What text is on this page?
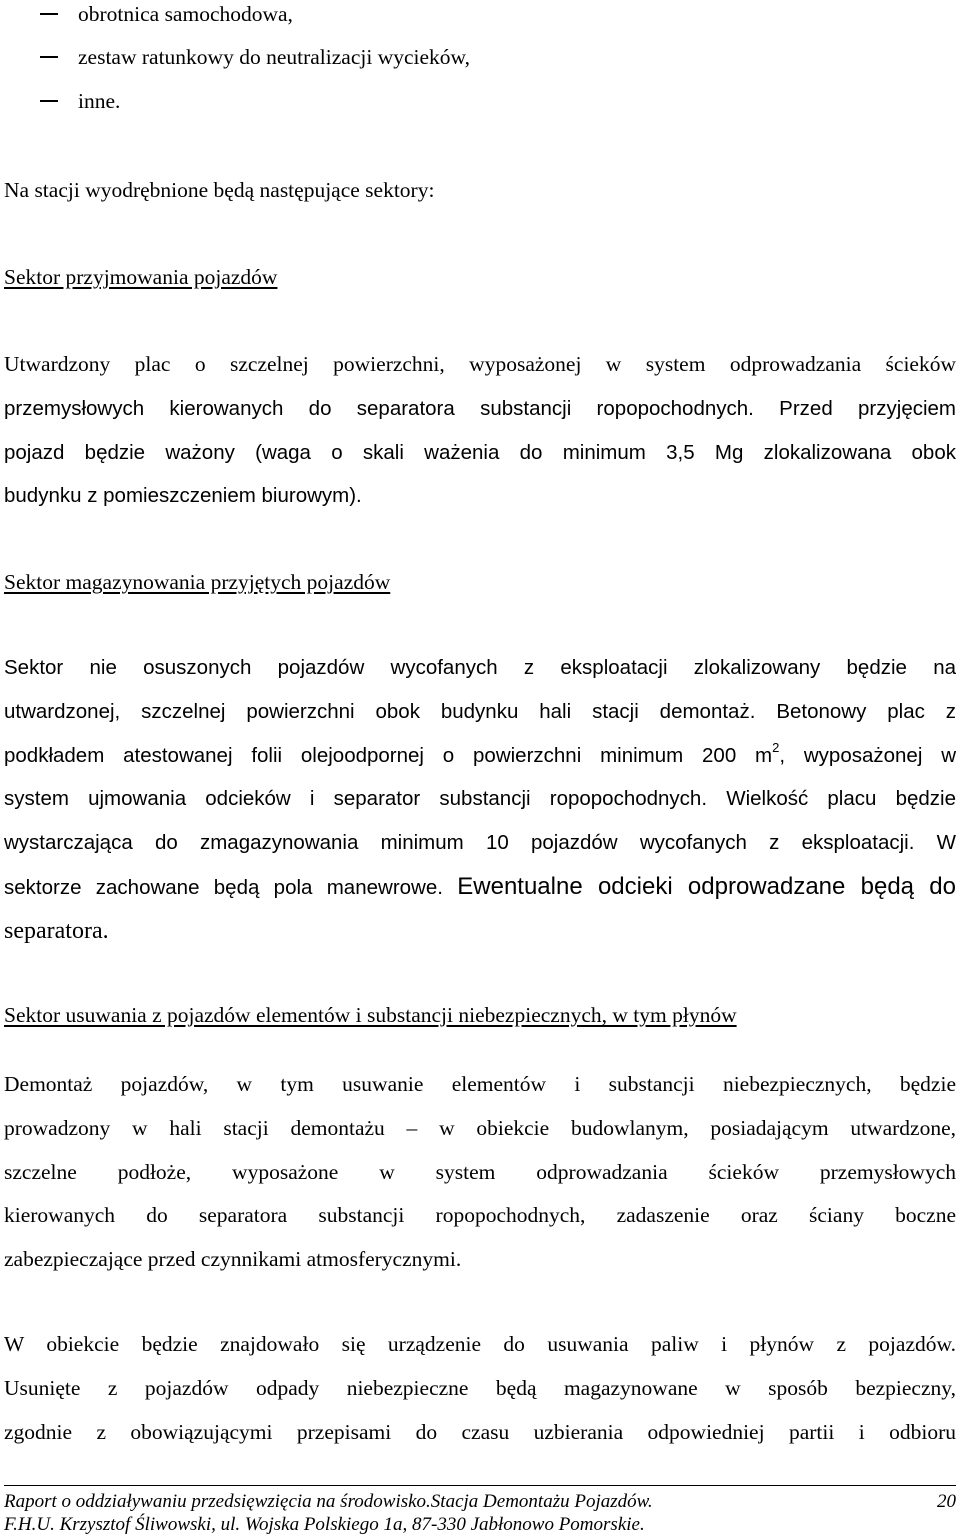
obrotnica samochodowa,
zestaw ratunkowy do neutralizacji wycieków,
inne.

Na stacji wyodrębnione będą następujące sektory:

Sektor przyjmowania pojazdów

Utwardzony plac o szczelnej powierzchni, wyposażonej w system odprowadzania ścieków
przemysłowych kierowanych do separatora substancji ropopochodnych. Przed przyjęciem
pojazd będzie ważony (waga o skali ważenia do minimum 3,5 Mg zlokalizowana obok
budynku z pomieszczeniem biurowym).

Sektor magazynowania przyjętych pojazdów

Sektor nie osuszonych pojazdów wycofanych z eksploatacji zlokalizowany będzie na
utwardzonej, szczelnej powierzchni obok budynku hali stacji demontaż. Betonowy plac z
podkładem atestowanej folii olejoodpornej o powierzchni minimum 200 $m^2$, wyposażonej w
system ujmowania odcieków i separator substancji ropopochodnych. Wielkość placu będzie
wystarczająca do zmagazynowania minimum 10 pojazdów wycofanych z eksploatacji. W
sektorze zachowane będą pola manewrowe. Ewentualne odcieki odprowadzane będą do
separatora.

Sektor usuwania z pojazdów elementów i substancji niebezpiecznych, w tym płynów

Demontaż pojazdów, w tym usuwanie elementów i substancji niebezpiecznych, będzie
prowadzony w hali stacji demontażu – w obiekcie budowlanym, posiadającym utwardzone,
szczelne podłoże, wyposażone w system odprowadzania ścieków przemysłowych
kierowanych do separatora substancji ropopochodnych, zadaszenie oraz ściany boczne
zabezpieczające przed czynnikami atmosferycznymi.
W obiekcie będzie znajdowało się urządzenie do usuwania paliw i płynów z pojazdów.
Usunięte z pojazdów odpady niebezpieczne będą magazynowane w sposób bezpieczny,
zgodnie z obowiązującymi przepisami do czasu uzbierania odpowiedniej partii i odbioru
Raport o oddziaływaniu przedsięwzięcia na środowisko.Stacja Demontażu Pojazdów.	20
F.H.U. Krzysztof Śliwowski, ul. Wojska Polskiego 1a, 87-330 Jabłonowo Pomorskie.
